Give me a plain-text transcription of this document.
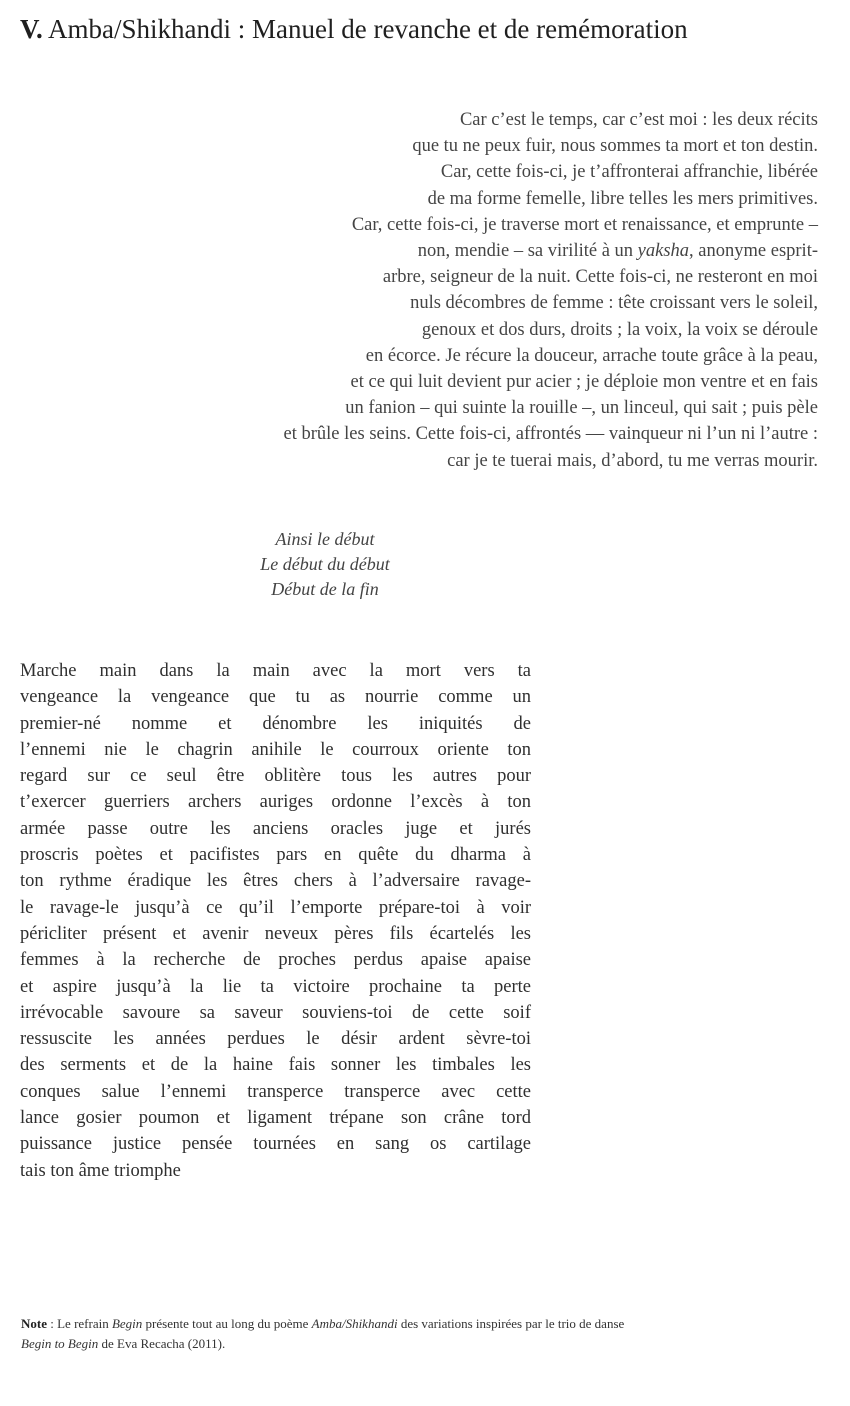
V. Amba/Shikhandi : Manuel de revanche et de remémoration
Car c’est le temps, car c’est moi : les deux récits
que tu ne peux fuir, nous sommes ta mort et ton destin.
Car, cette fois-ci, je t’affronterai affranchie, libérée
de ma forme femelle, libre telles les mers primitives.
Car, cette fois-ci, je traverse mort et renaissance, et emprunte –
non, mendie – sa virilité à un yaksha, anonyme esprit-
arbre, seigneur de la nuit. Cette fois-ci, ne resteront en moi
nuls décombres de femme : tête croissant vers le soleil,
genoux et dos durs, droits ; la voix, la voix se déroule
en écorce. Je récure la douceur, arrache toute grâce à la peau,
et ce qui luit devient pur acier ; je déploie mon ventre et en fais
un fanion – qui suinte la rouille –, un linceul, qui sait ; puis pèle
et brûle les seins. Cette fois-ci, affrontés — vainqueur ni l’un ni l’autre :
car je te tuerai mais, d’abord, tu me verras mourir.
Ainsi le début
Le début du début
Début de la fin
Marche main dans la main avec la mort vers ta
vengeance la vengeance que tu as nourrie comme un
premier-né nomme et dénombre les iniquités de
l’ennemi nie le chagrin anihile le courroux oriente ton
regard sur ce seul être oblitère tous les autres pour
t’exercer guerriers archers auriges ordonne l’excès à ton
armée passe outre les anciens oracles juge et jurés
proscris poètes et pacifistes pars en quête du dharma à
ton rythme éradique les êtres chers à l’adversaire ravage-
le ravage-le jusqu’à ce qu’il l’emporte prépare-toi à voir
péricliter présent et avenir neveux pères fils écartelés les
femmes à la recherche de proches perdus apaise apaise
et aspire jusqu’à la lie ta victoire prochaine ta perte
irrévocable savoure sa saveur souviens-toi de cette soif
ressuscite les années perdues le désir ardent sèvre-toi
des serments et de la haine fais sonner les timbales les
conques salue l’ennemi transperce transperce avec cette
lance gosier poumon et ligament trépane son crâne tord
puissance justice pensée tournées en sang os cartilage
tais ton âme triomphe
Note : Le refrain Begin présente tout au long du poème Amba/Shikhandi des variations inspirées par le trio de danse
Begin to Begin de Eva Recacha (2011).
